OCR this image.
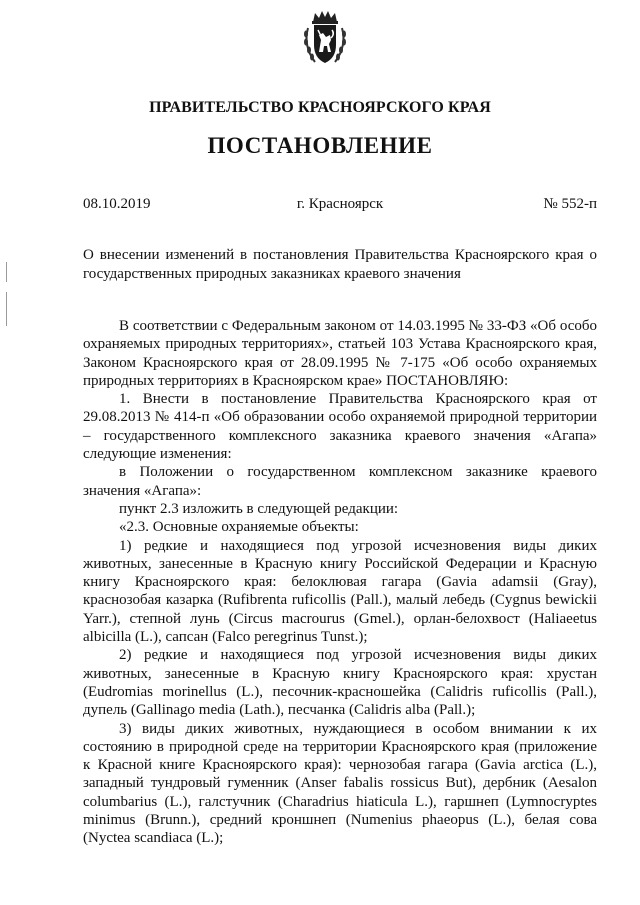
ПРАВИТЕЛЬСТВО КРАСНОЯРСКОГО КРАЯ
ПОСТАНОВЛЕНИЕ
08.10.2019	г. Красноярск	№ 552-п
О внесении изменений в постановления Правительства Красноярского края о государственных природных заказниках краевого значения

В соответствии с Федеральным законом от 14.03.1995 № 33-ФЗ «Об особо охраняемых природных территориях», статьей 103 Устава Красноярского края, Законом Красноярского края от 28.09.1995 № 7-175 «Об особо охраняемых природных территориях в Красноярском крае» ПОСТАНОВЛЯЮ:

1. Внести в постановление Правительства Красноярского края от 29.08.2013 № 414-п «Об образовании особо охраняемой природной территории – государственного комплексного заказника краевого значения «Агапа» следующие изменения:

в Положении о государственном комплексном заказнике краевого значения «Агапа»:

пункт 2.3 изложить в следующей редакции:

«2.3. Основные охраняемые объекты:

1) редкие и находящиеся под угрозой исчезновения виды диких животных, занесенные в Красную книгу Российской Федерации и Красную книгу Красноярского края: белоклювая гагара (Gavia adamsii (Gray), краснозобая казарка (Rufibrenta ruficollis (Pall.), малый лебедь (Cygnus bewickii Yarr.), степной лунь (Circus macrourus (Gmel.), орлан-белохвост (Haliaeetus albicilla (L.), сапсан (Falco peregrinus Tunst.);

2) редкие и находящиеся под угрозой исчезновения виды диких животных, занесенные в Красную книгу Красноярского края: хрустан (Eudromias morinellus (L.), песочник-красношейка (Calidris ruficollis (Pall.), дупель (Gallinago media (Lath.), песчанка (Calidris alba (Pall.);

3) виды диких животных, нуждающиеся в особом внимании к их состоянию в природной среде на территории Красноярского края (приложение к Красной книге Красноярского края): чернозобая гагара (Gavia arctica (L.), западный тундровый гуменник (Anser fabalis rossicus But), дербник (Aesalon columbarius (L.), галстучник (Charadrius hiaticula L.), гаршнеп (Lymnocryptes minimus (Brunn.), средний кроншнеп (Numenius phaeopus (L.), белая сова (Nyctea scandiaca (L.);
